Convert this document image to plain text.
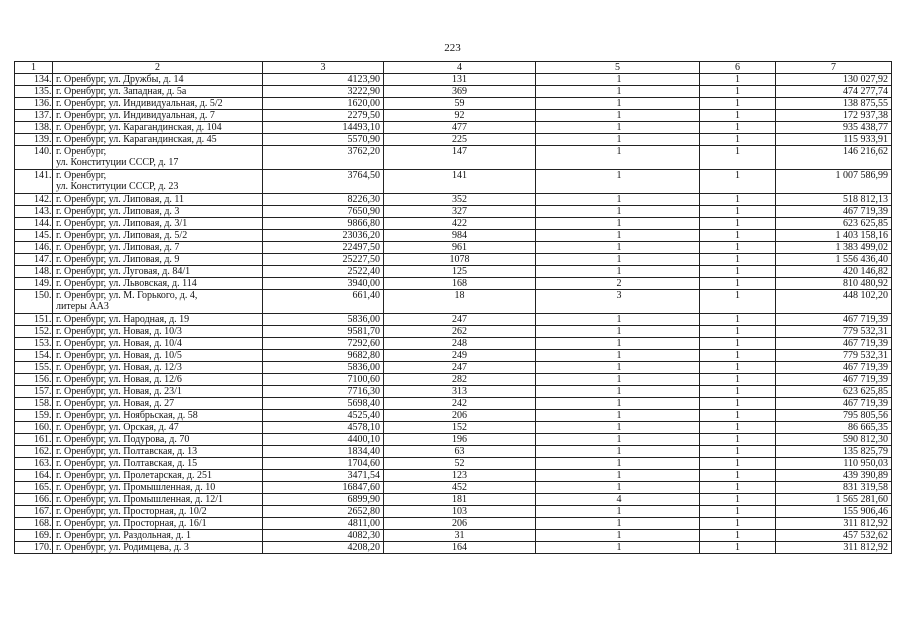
223
1	2	3	4	5	6	7
134.	г. Оренбург, ул. Дружбы, д. 14	4123,90	131	1	1	130 027,92
135.	г. Оренбург, ул. Западная, д. 5а	3222,90	369	1	1	474 277,74
136.	г. Оренбург, ул. Индивидуальная, д. 5/2	1620,00	59	1	1	138 875,55
137.	г. Оренбург, ул. Индивидуальная, д. 7	2279,50	92	1	1	172 937,38
138.	г. Оренбург, ул. Карагандинская, д. 104	14493,10	477	1	1	935 438,77
139.	г. Оренбург, ул. Карагандинская, д. 45	5570,90	225	1	1	115 933,91
140.	г. Оренбург,
ул. Конституции СССР, д. 17	3762,20	147	1	1	146 216,62
141.	г. Оренбург,
ул. Конституции СССР, д. 23	3764,50	141	1	1	1 007 586,99
142.	г. Оренбург, ул. Липовая, д. 11	8226,30	352	1	1	518 812,13
143.	г. Оренбург, ул. Липовая, д. 3	7650,90	327	1	1	467 719,39
144.	г. Оренбург, ул. Липовая, д. 3/1	9866,80	422	1	1	623 625,85
145.	г. Оренбург, ул. Липовая, д. 5/2	23036,20	984	1	1	1 403 158,16
146.	г. Оренбург, ул. Липовая, д. 7	22497,50	961	1	1	1 383 499,02
147.	г. Оренбург, ул. Липовая, д. 9	25227,50	1078	1	1	1 556 436,40
148.	г. Оренбург, ул. Луговая, д. 84/1	2522,40	125	1	1	420 146,82
149.	г. Оренбург, ул. Львовская, д. 114	3940,00	168	2	1	810 480,92
150.	г. Оренбург, ул. М. Горького, д. 4,
литеры АА3	661,40	18	3	1	448 102,20
151.	г. Оренбург, ул. Народная, д. 19	5836,00	247	1	1	467 719,39
152.	г. Оренбург, ул. Новая, д. 10/3	9581,70	262	1	1	779 532,31
153.	г. Оренбург, ул. Новая, д. 10/4	7292,60	248	1	1	467 719,39
154.	г. Оренбург, ул. Новая, д. 10/5	9682,80	249	1	1	779 532,31
155.	г. Оренбург, ул. Новая, д. 12/3	5836,00	247	1	1	467 719,39
156.	г. Оренбург, ул. Новая, д. 12/6	7100,60	282	1	1	467 719,39
157.	г. Оренбург, ул. Новая, д. 23/1	7716,30	313	1	1	623 625,85
158.	г. Оренбург, ул. Новая, д. 27	5698,40	242	1	1	467 719,39
159.	г. Оренбург, ул. Ноябрьская, д. 58	4525,40	206	1	1	795 805,56
160.	г. Оренбург, ул. Орская, д. 47	4578,10	152	1	1	86 665,35
161.	г. Оренбург, ул. Подурова, д. 70	4400,10	196	1	1	590 812,30
162.	г. Оренбург, ул. Полтавская, д. 13	1834,40	63	1	1	135 825,79
163.	г. Оренбург, ул. Полтавская, д. 15	1704,60	52	1	1	110 950,03
164.	г. Оренбург, ул. Пролетарская, д. 251	3471,54	123	1	1	439 390,89
165.	г. Оренбург, ул. Промышленная, д. 10	16847,60	452	1	1	831 319,58
166.	г. Оренбург, ул. Промышленная, д. 12/1	6899,90	181	4	1	1 565 281,60
167.	г. Оренбург, ул. Просторная, д. 10/2	2652,80	103	1	1	155 906,46
168.	г. Оренбург, ул. Просторная, д. 16/1	4811,00	206	1	1	311 812,92
169.	г. Оренбург, ул. Раздольная, д. 1	4082,30	31	1	1	457 532,62
170.	г. Оренбург, ул. Родимцева, д. 3	4208,20	164	1	1	311 812,92
